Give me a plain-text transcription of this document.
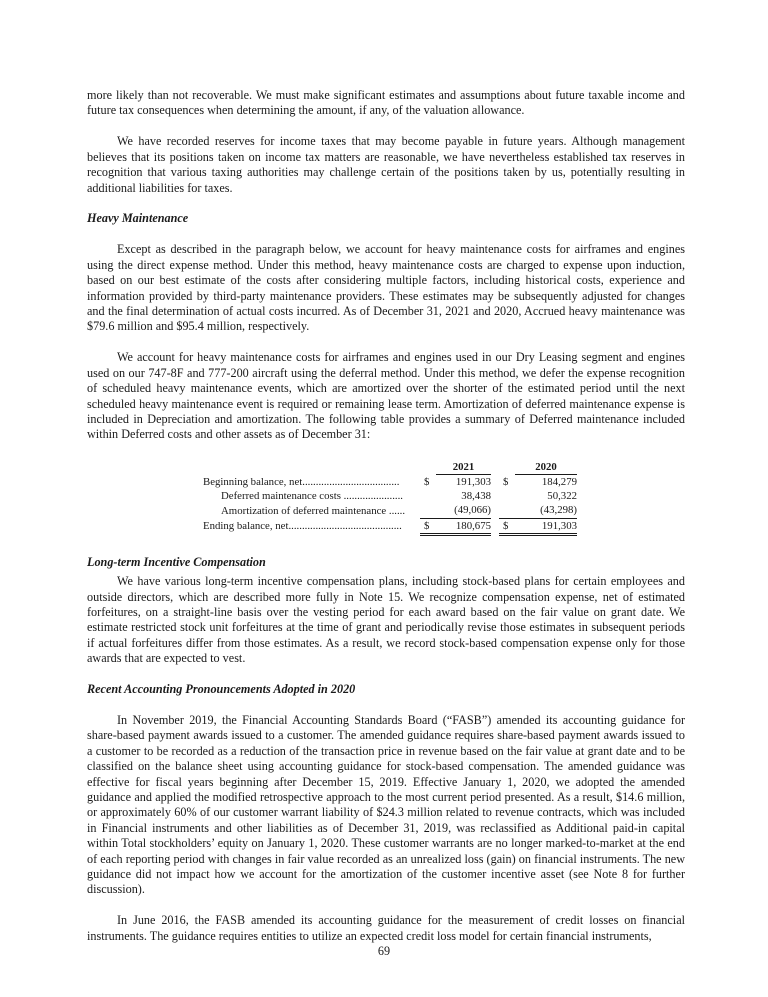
more likely than not recoverable. We must make significant estimates and assumptions about future taxable income and future tax consequences when determining the amount, if any, of the valuation allowance.

We have recorded reserves for income taxes that may become payable in future years. Although management believes that its positions taken on income tax matters are reasonable, we have nevertheless established tax reserves in recognition that various taxing authorities may challenge certain of the positions taken by us, potentially resulting in additional liabilities for taxes.

Heavy Maintenance

Except as described in the paragraph below, we account for heavy maintenance costs for airframes and engines using the direct expense method. Under this method, heavy maintenance costs are charged to expense upon induction, based on our best estimate of the costs after considering multiple factors, including historical costs, experience and information provided by third-party maintenance providers. These estimates may be subsequently adjusted for changes and the final determination of actual costs incurred. As of December 31, 2021 and 2020, Accrued heavy maintenance was $79.6 million and $95.4 million, respectively.

We account for heavy maintenance costs for airframes and engines used in our Dry Leasing segment and engines used on our 747-8F and 777-200 aircraft using the deferral method. Under this method, we defer the expense recognition of scheduled heavy maintenance events, which are amortized over the shorter of the estimated period until the next scheduled heavy maintenance event is required or remaining lease term. Amortization of deferred maintenance expense is included in Depreciation and amortization. The following table provides a summary of Deferred maintenance included within Deferred costs and other assets as of December 31:

		2021			2020
Beginning balance, net....................................	$	191,303		$	184,279
Deferred maintenance costs ......................		38,438			50,322
Amortization of deferred maintenance ......		(49,066)			(43,298)
Ending balance, net..........................................	$	180,675		$	191,303

Long-term Incentive Compensation

We have various long-term incentive compensation plans, including stock-based plans for certain employees and outside directors, which are described more fully in Note 15. We recognize compensation expense, net of estimated forfeitures, on a straight-line basis over the vesting period for each award based on the fair value on grant date. We estimate restricted stock unit forfeitures at the time of grant and periodically revise those estimates in subsequent periods if actual forfeitures differ from those estimates. As a result, we record stock-based compensation expense only for those awards that are expected to vest.

Recent Accounting Pronouncements Adopted in 2020

In November 2019, the Financial Accounting Standards Board (“FASB”) amended its accounting guidance for share-based payment awards issued to a customer. The amended guidance requires share-based payment awards issued to a customer to be recorded as a reduction of the transaction price in revenue based on the fair value at grant date and to be classified on the balance sheet using accounting guidance for stock-based compensation. The amended guidance was effective for fiscal years beginning after December 15, 2019. Effective January 1, 2020, we adopted the amended guidance and applied the modified retrospective approach to the most current period presented. As a result, $14.6 million, or approximately 60% of our customer warrant liability of $24.3 million related to revenue contracts, which was included in Financial instruments and other liabilities as of December 31, 2019, was reclassified as Additional paid-in capital within Total stockholders’ equity on January 1, 2020. These customer warrants are no longer marked-to-market at the end of each reporting period with changes in fair value recorded as an unrealized loss (gain) on financial instruments. The new guidance did not impact how we account for the amortization of the customer incentive asset (see Note 8 for further discussion).

In June 2016, the FASB amended its accounting guidance for the measurement of credit losses on financial instruments. The guidance requires entities to utilize an expected credit loss model for certain financial instruments,

69
